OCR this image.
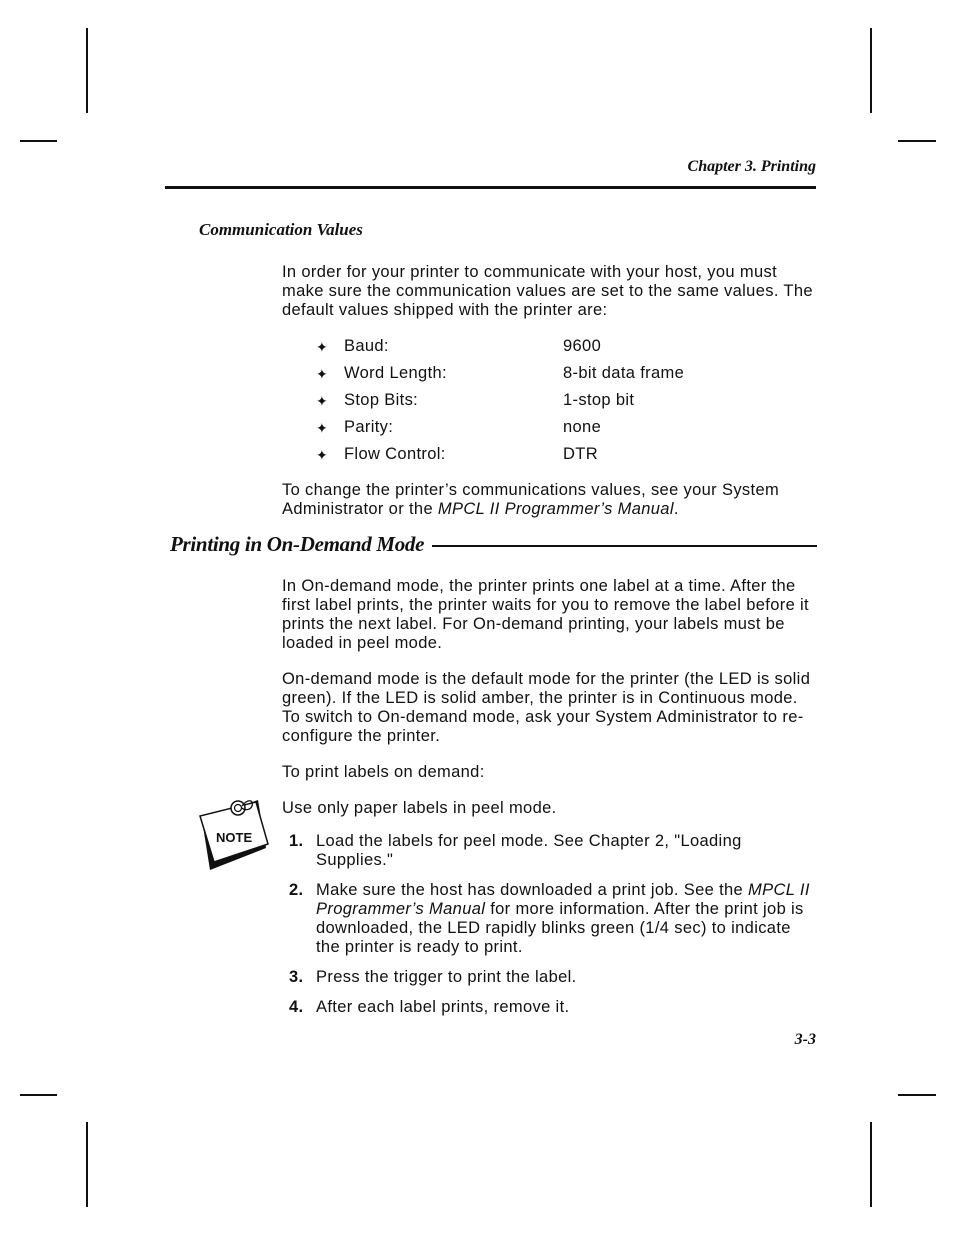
Chapter 3. Printing
Communication Values

In order for your printer to communicate with your host, you must make sure the communication values are set to the same values. The default values shipped with the printer are:

✦ Baud:	9600
✦ Word Length:	8-bit data frame
✦ Stop Bits:	1-stop bit
✦ Parity:	none
✦ Flow Control:	DTR

To change the printer’s communications values, see your System Administrator or the MPCL II Programmer’s Manual.

Printing in On-Demand Mode

In On-demand mode, the printer prints one label at a time. After the first label prints, the printer waits for you to remove the label before it prints the next label. For On-demand printing, your labels must be loaded in peel mode.

On-demand mode is the default mode for the printer (the LED is solid green). If the LED is solid amber, the printer is in Continuous mode. To switch to On-demand mode, ask your System Administrator to re-configure the printer.

To print labels on demand:

NOTE

Use only paper labels in peel mode.

1. Load the labels for peel mode. See Chapter 2, "Loading Supplies."
2. Make sure the host has downloaded a print job. See the MPCL II Programmer’s Manual for more information. After the print job is downloaded, the LED rapidly blinks green (1/4 sec) to indicate the printer is ready to print.
3. Press the trigger to print the label.
4. After each label prints, remove it.
3-3
